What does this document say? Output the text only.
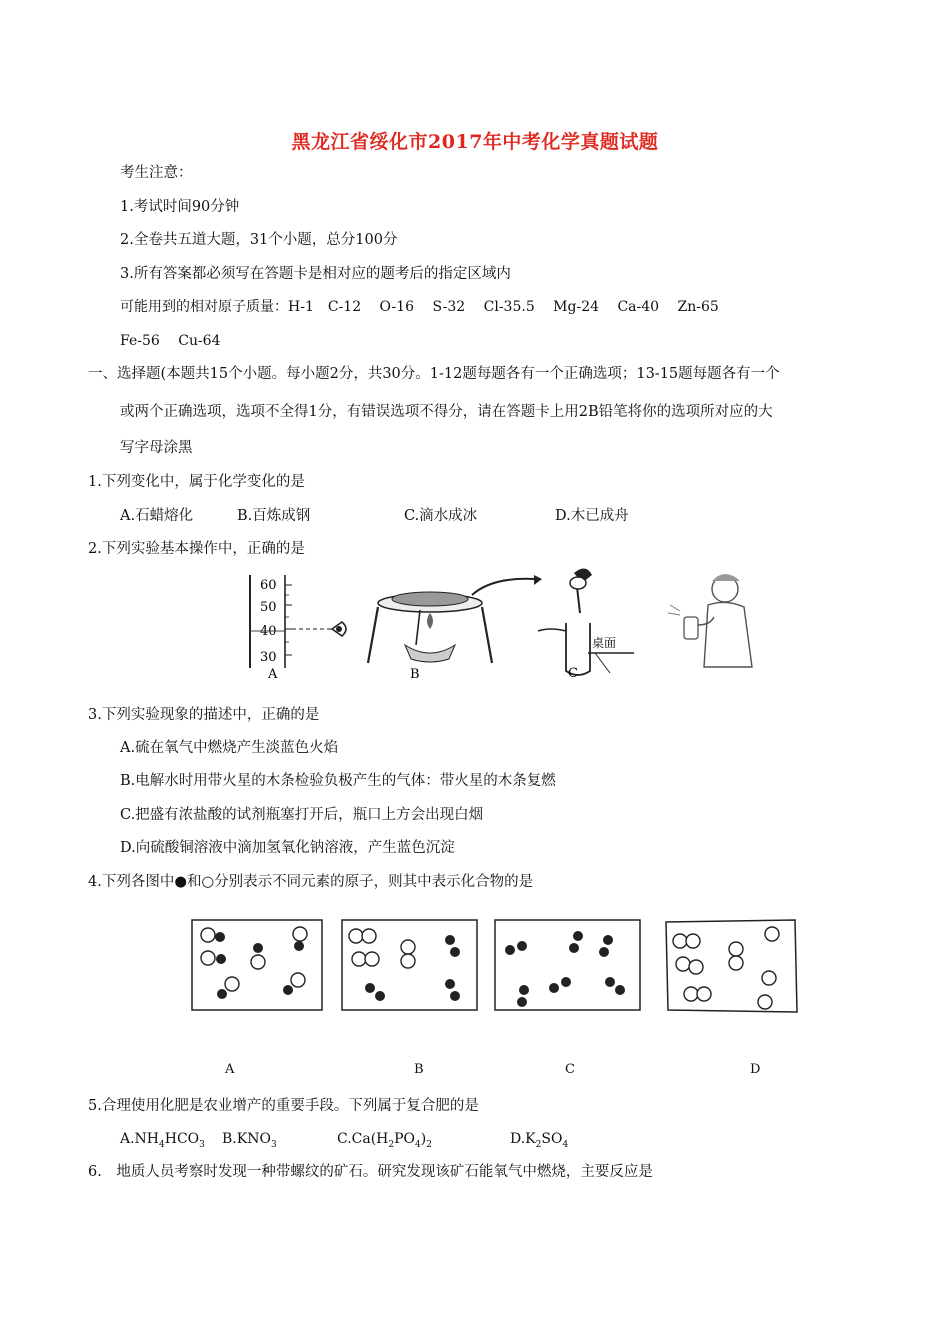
黑龙江省绥化市2017年中考化学真题试题
考生注意：
1.考试时间90分钟
2.全卷共五道大题，31个小题，总分100分
3.所有答案都必须写在答题卡是相对应的题考后的指定区域内
可能用到的相对原子质量：H-1　C-12　 O-16　 S-32　 Cl-35.5　 Mg-24　 Ca-40　 Zn-65
Fe-56　 Cu-64
一、选择题(本题共15个小题。每小题2分，共30分。1-12题每题各有一个正确选项；13-15题每题各有一个
或两个正确选项，选项不全得1分，有错误选项不得分，请在答题卡上用2B铅笔将你的选项所对应的大
写字母涂黑
1.下列变化中，属于化学变化的是
A.石蜡熔化	B.百炼成钢	C.滴水成冰	D.木已成舟
2.下列实验基本操作中，正确的是
60
50
40
30
A	B
桌面
C
3.下列实验现象的描述中，正确的是
A.硫在氧气中燃烧产生淡蓝色火焰
B.电解水时用带火星的木条检验负极产生的气体：带火星的木条复燃
C.把盛有浓盐酸的试剂瓶塞打开后，瓶口上方会出现白烟
D.向硫酸铜溶液中滴加氢氧化钠溶液，产生蓝色沉淀
4.下列各图中●和○分别表示不同元素的原子，则其中表示化合物的是
A	B	C	D
5.合理使用化肥是农业增产的重要手段。下列属于复合肥的是
$A.NH_4HCO_3$ $B.KNO_3$	$C.Ca(H_2PO_4)_2$	$D.K_2SO_4$
6.　地质人员考察时发现一种带螺纹的矿石。研究发现该矿石能氧气中燃烧，主要反应是
